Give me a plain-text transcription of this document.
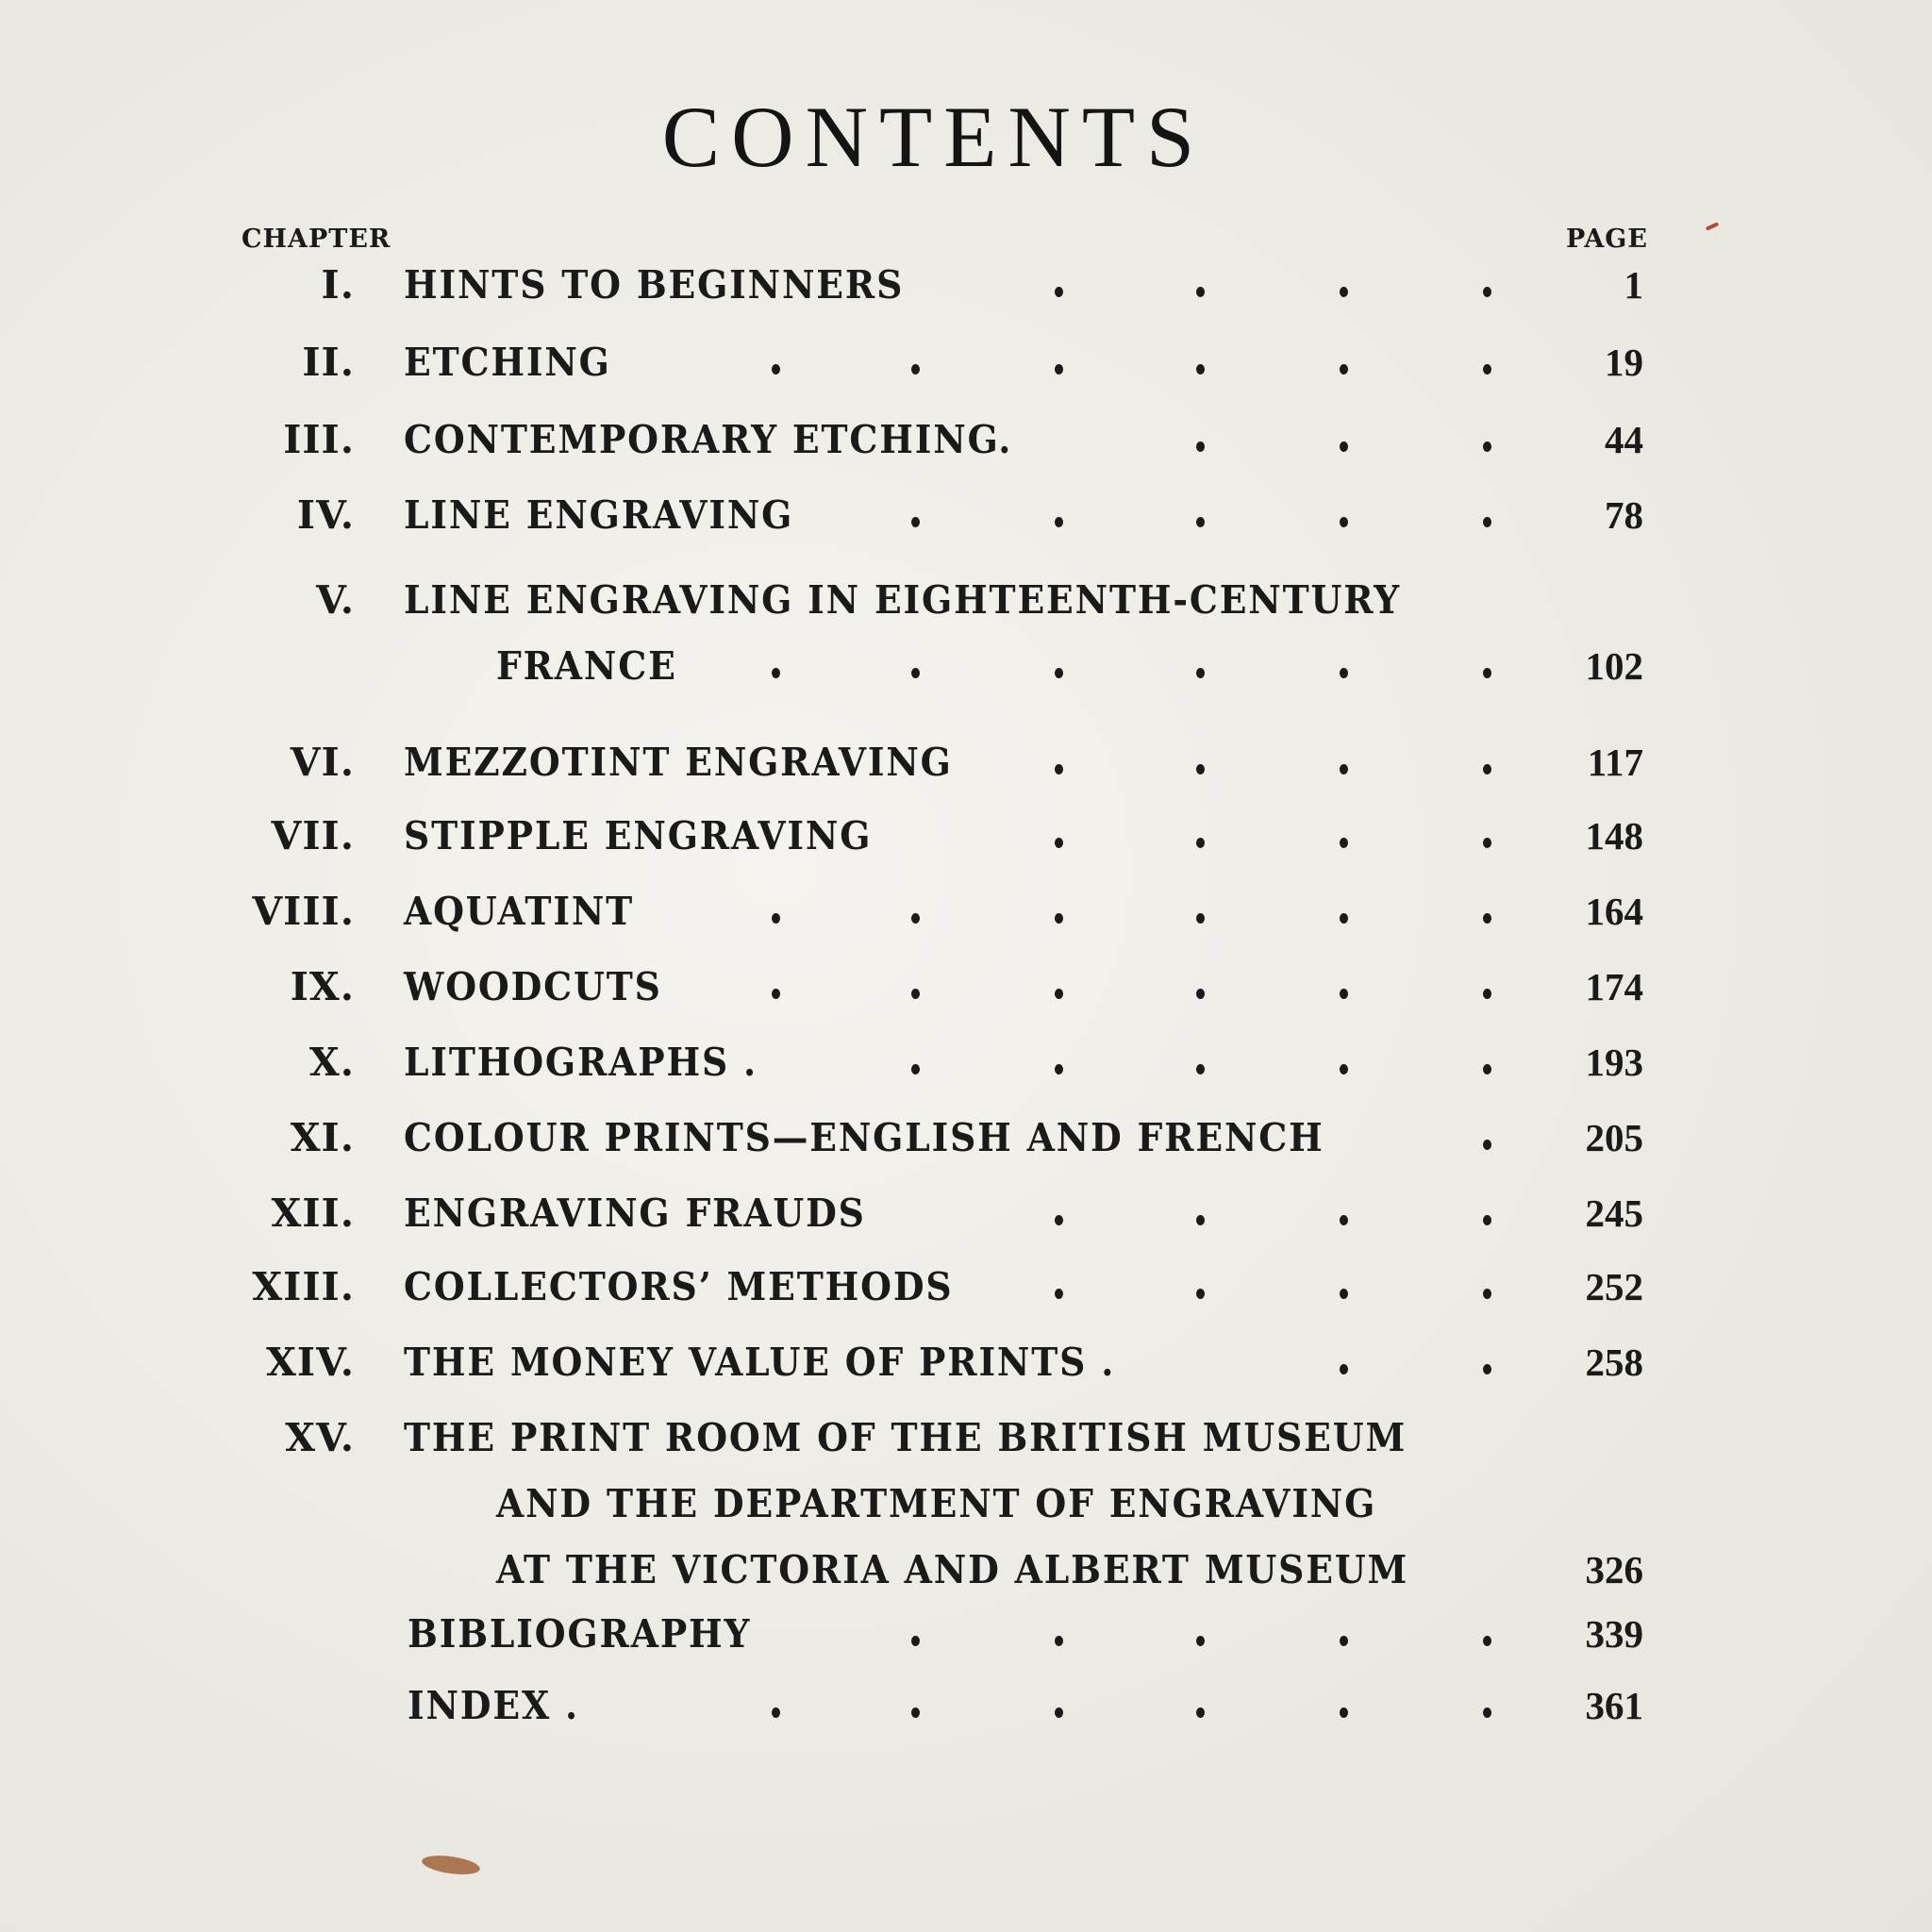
CONTENTS
CHAPTER	PAGE
I. HINTS TO BEGINNERS	1
II. ETCHING	19
III. CONTEMPORARY ETCHING.	44
IV. LINE ENGRAVING	78
V. LINE ENGRAVING IN EIGHTEENTH-CENTURY
FRANCE	102
VI. MEZZOTINT ENGRAVING	117
VII. STIPPLE ENGRAVING	148
VIII. AQUATINT	164
IX. WOODCUTS	174
X. LITHOGRAPHS .	193
XI. COLOUR PRINTS—ENGLISH AND FRENCH	205
XII. ENGRAVING FRAUDS	245
XIII. COLLECTORS’ METHODS	252
XIV. THE MONEY VALUE OF PRINTS .	258
XV. THE PRINT ROOM OF THE BRITISH MUSEUM
AND THE DEPARTMENT OF ENGRAVING
AT THE VICTORIA AND ALBERT MUSEUM	326
BIBLIOGRAPHY	339
INDEX .	361
